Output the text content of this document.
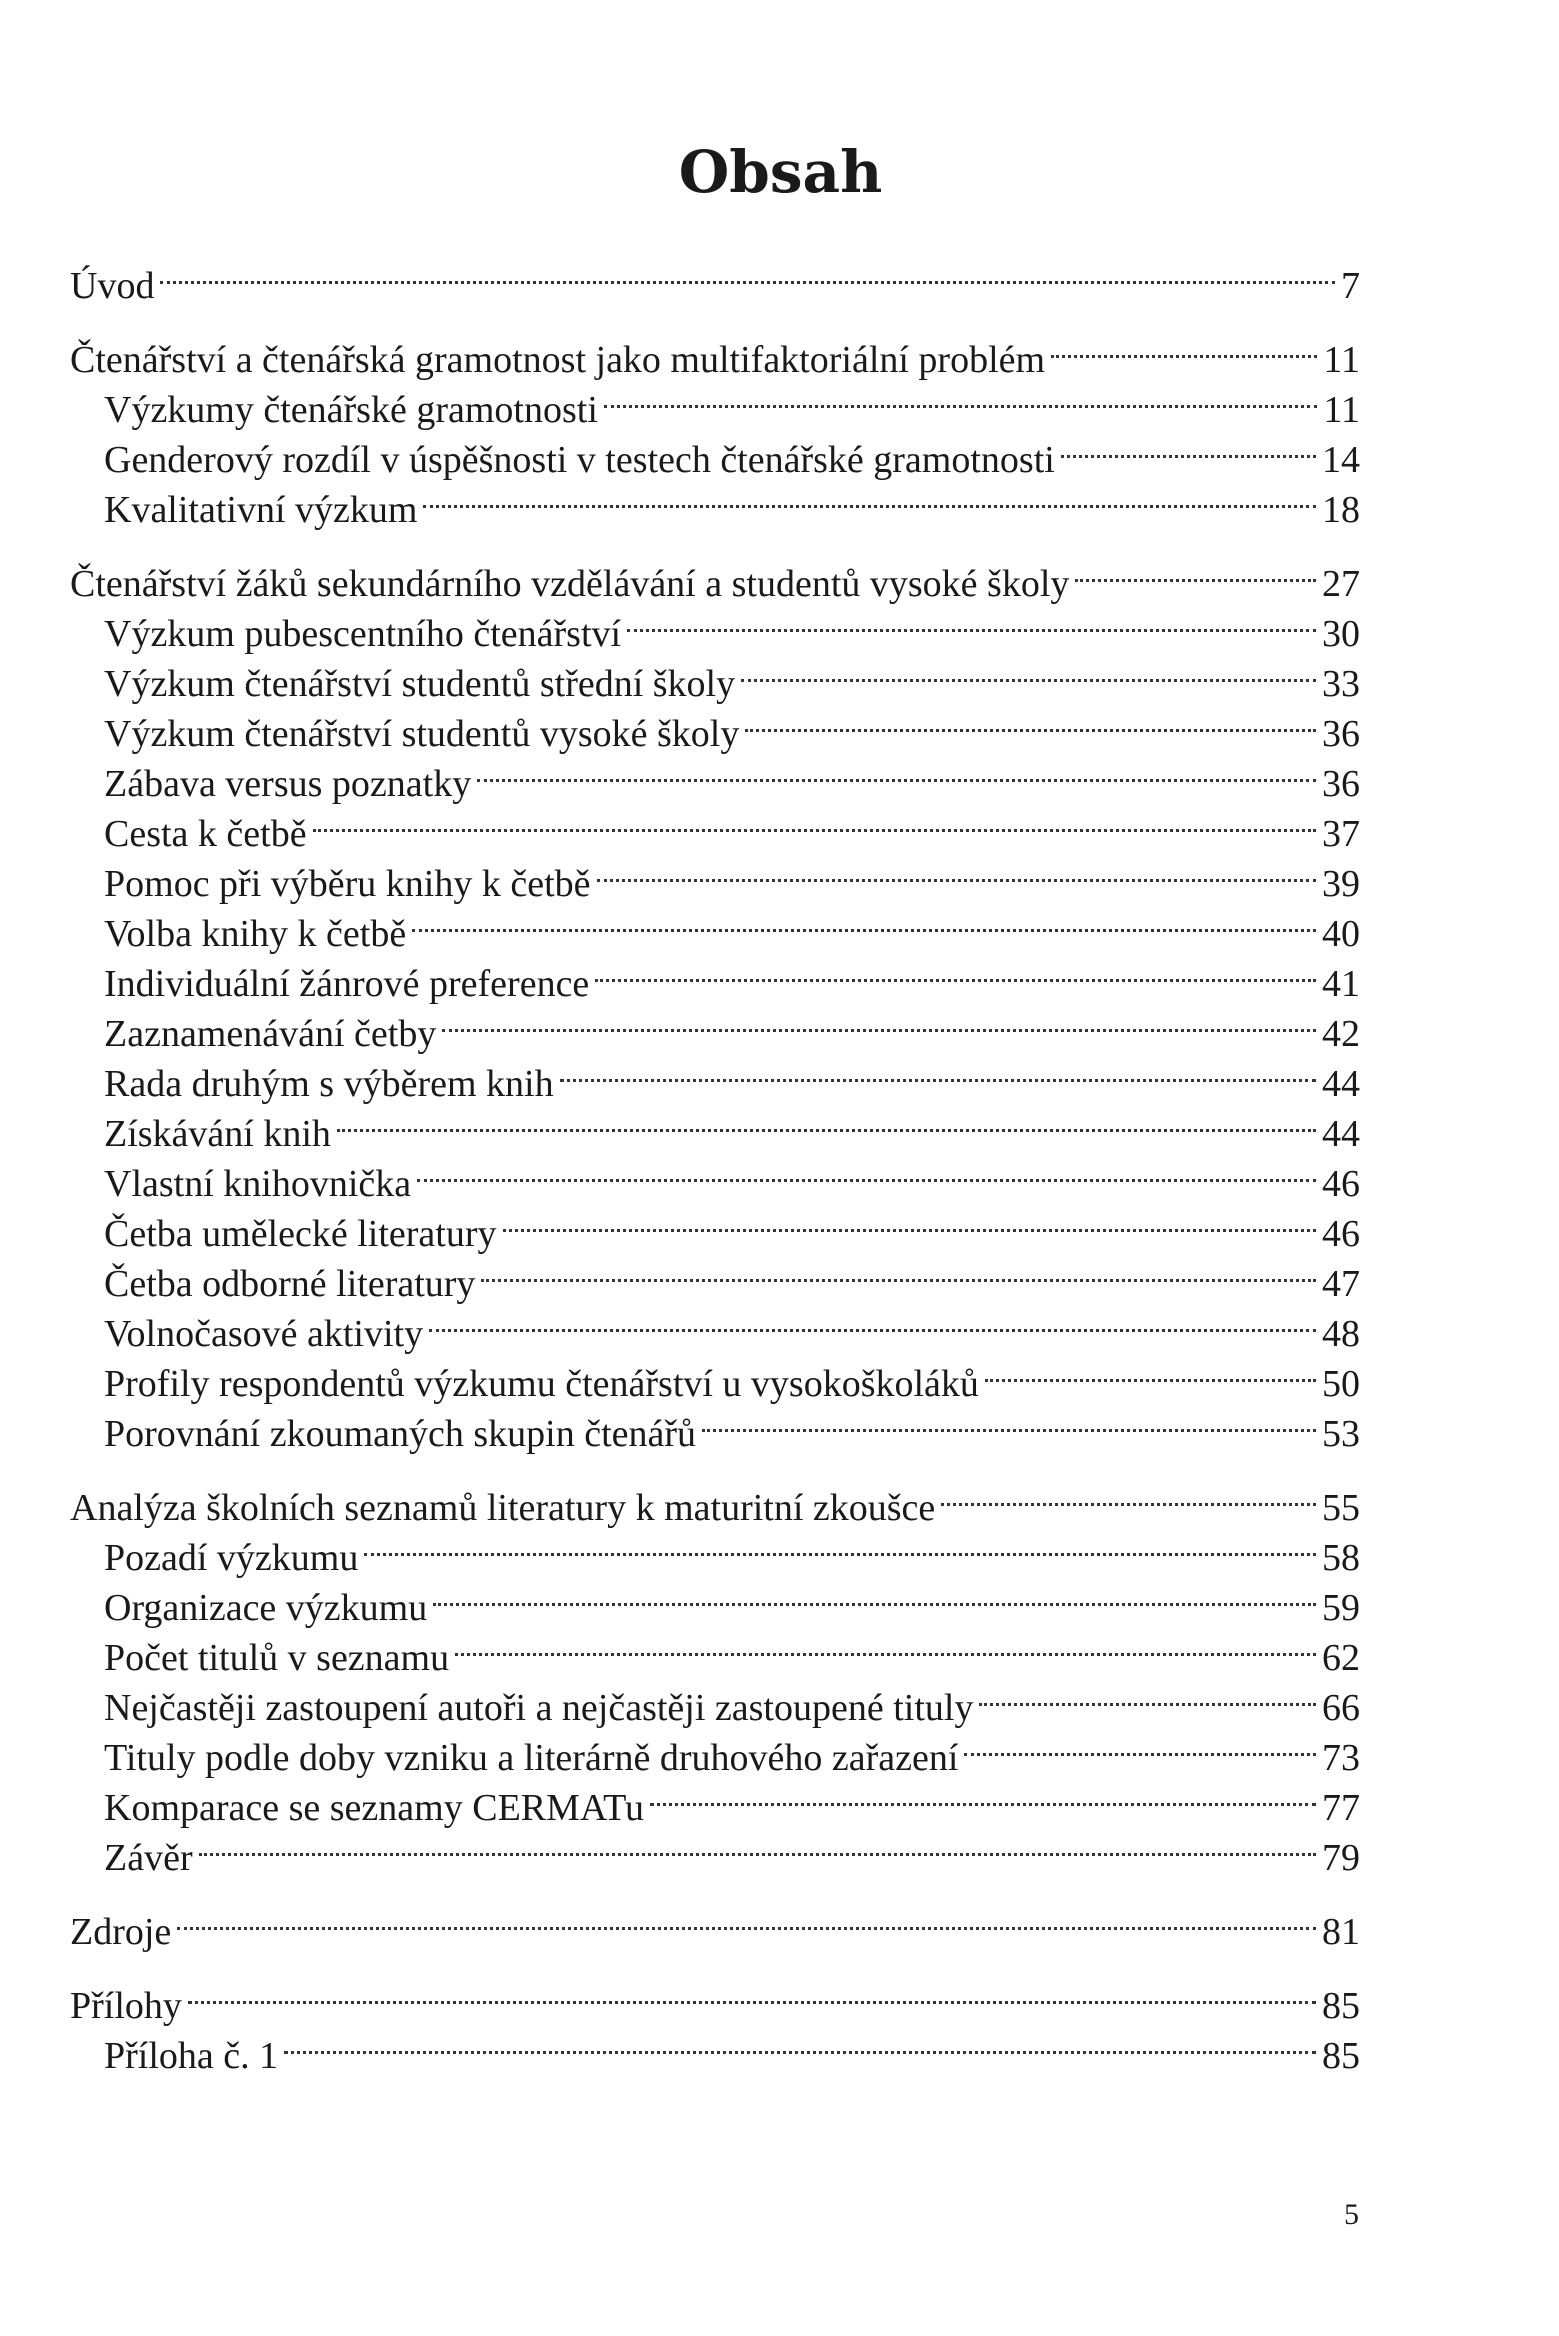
Obsah
Úvod	7
Čtenářství a čtenářská gramotnost jako multifaktoriální problém	11
Výzkumy čtenářské gramotnosti	11
Genderový rozdíl v úspěšnosti v testech čtenářské gramotnosti	14
Kvalitativní výzkum	18
Čtenářství žáků sekundárního vzdělávání a studentů vysoké školy	27
Výzkum pubescentního čtenářství	30
Výzkum čtenářství studentů střední školy	33
Výzkum čtenářství studentů vysoké školy	36
Zábava versus poznatky	36
Cesta k četbě	37
Pomoc při výběru knihy k četbě	39
Volba knihy k četbě	40
Individuální žánrové preference	41
Zaznamenávání četby	42
Rada druhým s výběrem knih	44
Získávání knih	44
Vlastní knihovnička	46
Četba umělecké literatury	46
Četba odborné literatury	47
Volnočasové aktivity	48
Profily respondentů výzkumu čtenářství u vysokoškoláků	50
Porovnání zkoumaných skupin čtenářů	53
Analýza školních seznamů literatury k maturitní zkoušce	55
Pozadí výzkumu	58
Organizace výzkumu	59
Počet titulů v seznamu	62
Nejčastěji zastoupení autoři a nejčastěji zastoupené tituly	66
Tituly podle doby vzniku a literárně druhového zařazení	73
Komparace se seznamy CERMATu	77
Závěr	79
Zdroje	81
Přílohy	85
Příloha č. 1	85

5
